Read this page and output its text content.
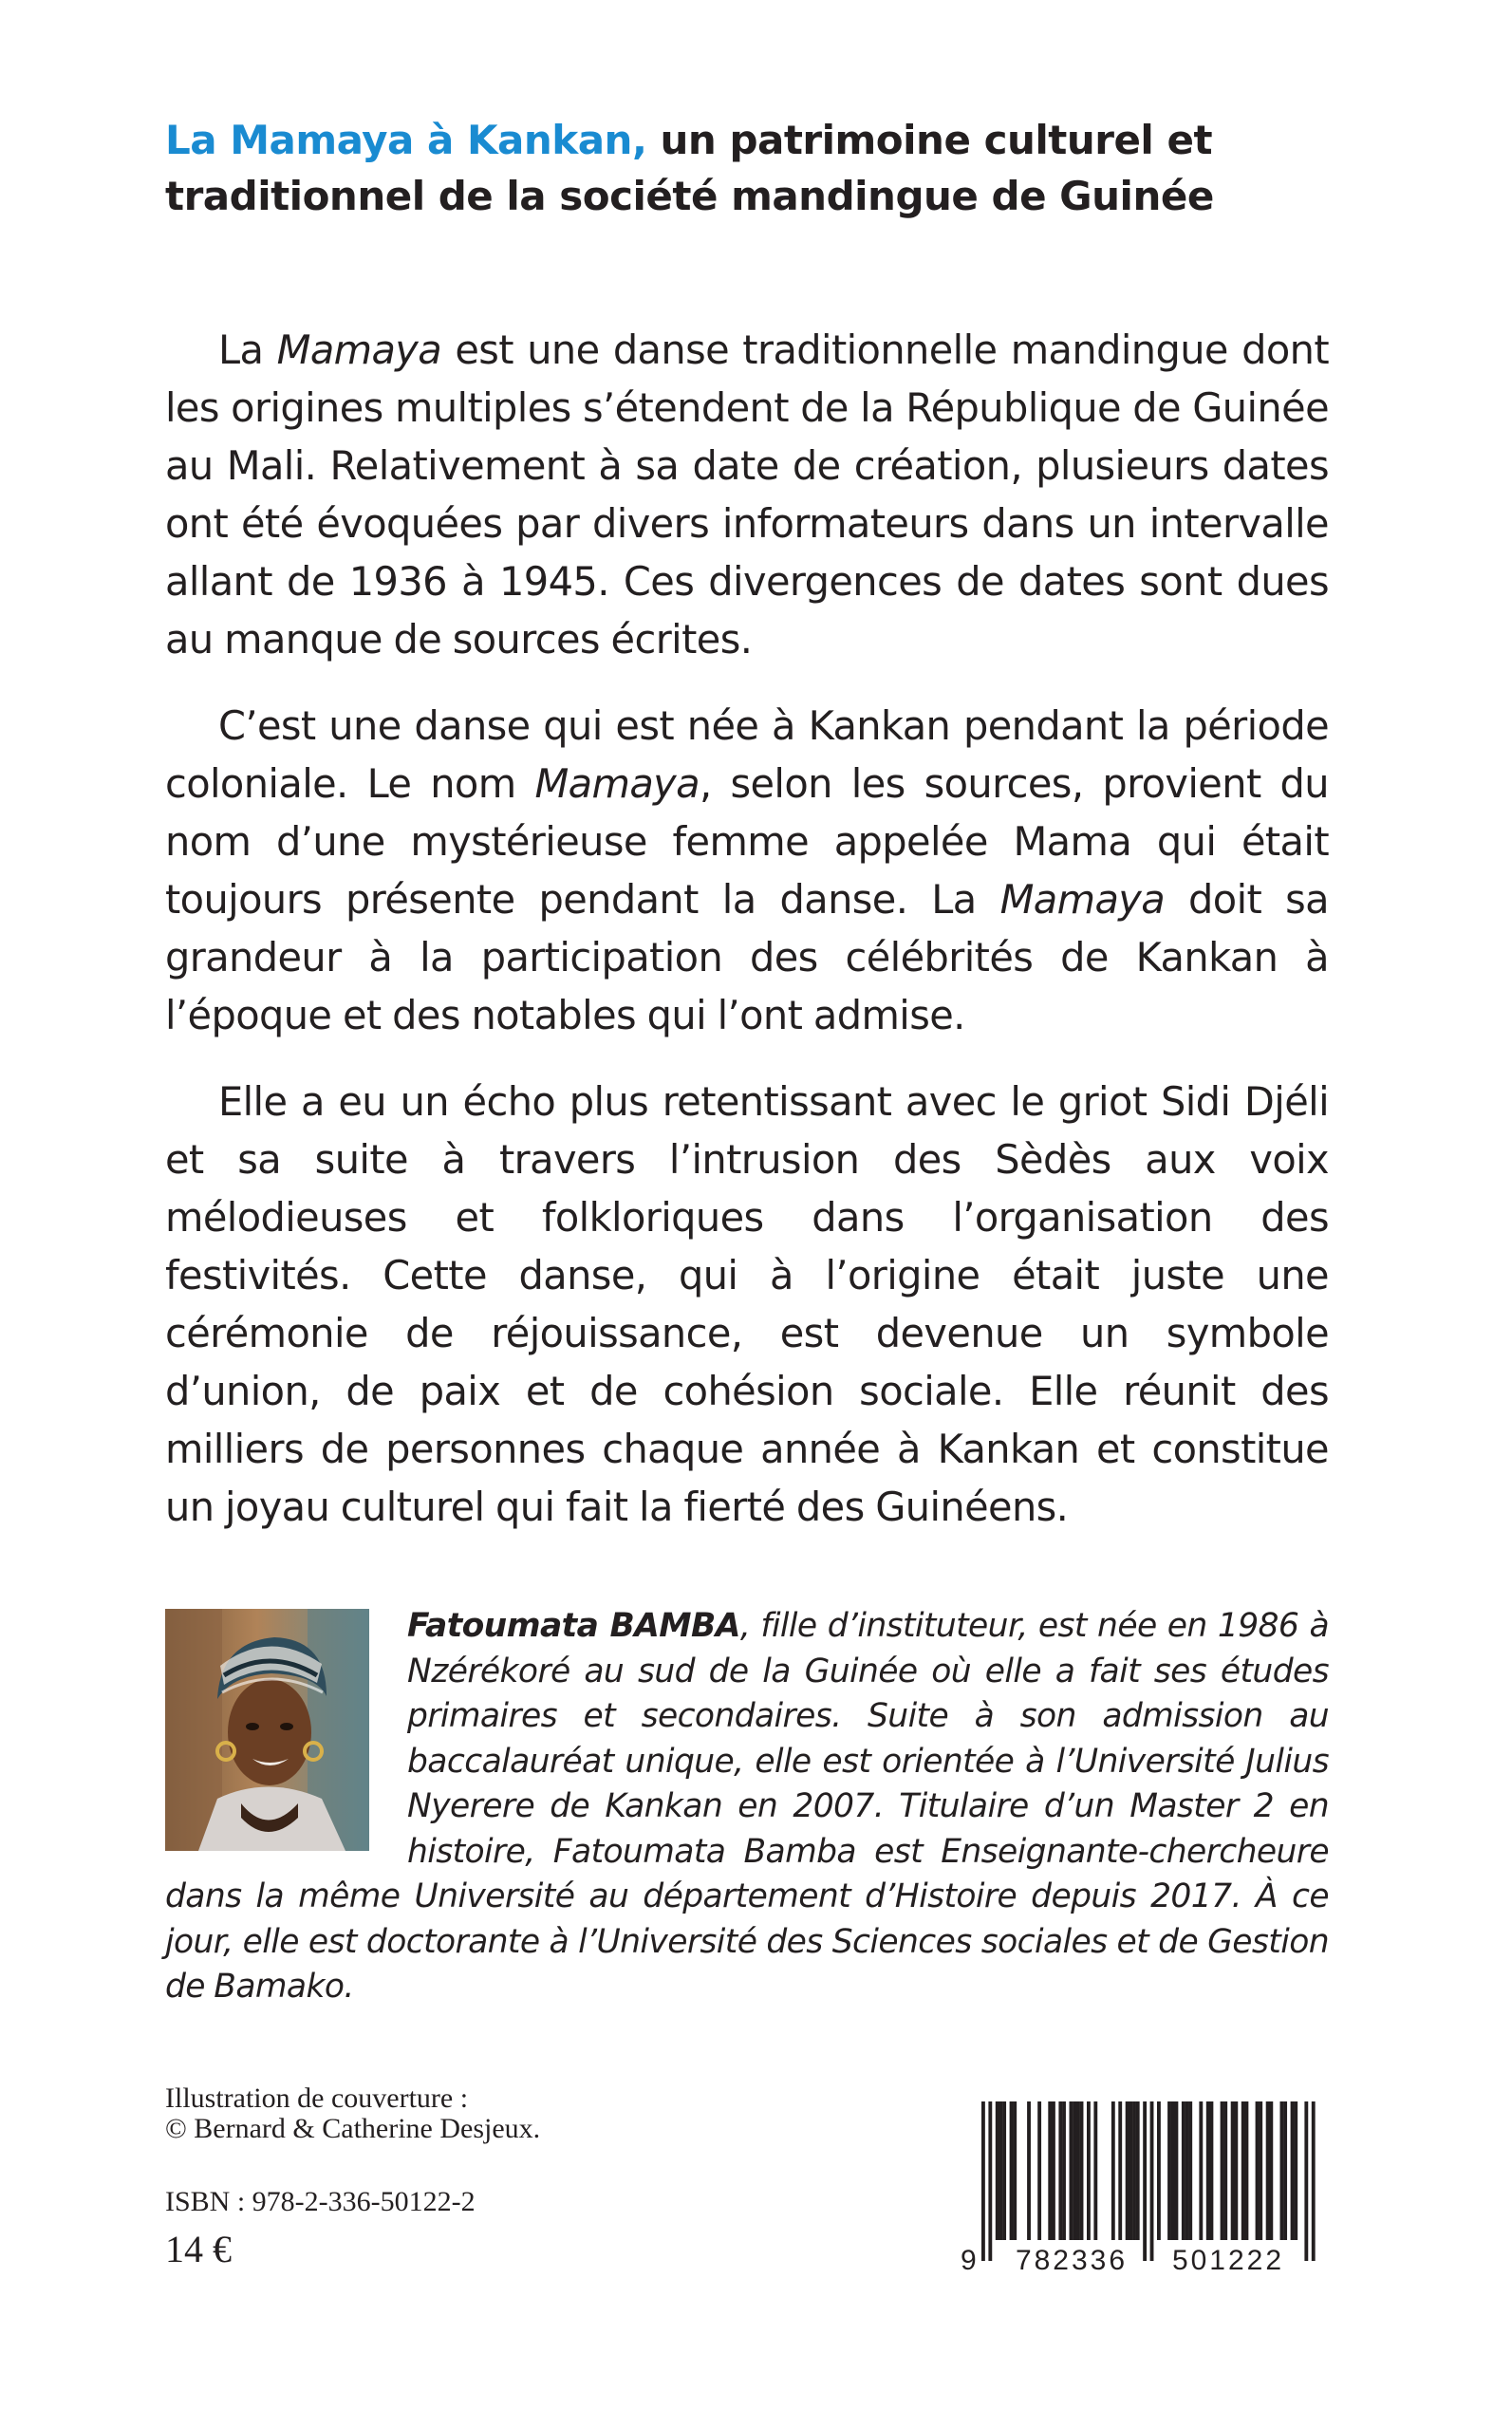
La Mamaya à Kankan, un patrimoine culturel et traditionnel de la société mandingue de Guinée

La Mamaya est une danse traditionnelle mandingue dont les origines multiples s’étendent de la République de Guinée au Mali. Relativement à sa date de création, plusieurs dates ont été évoquées par divers informateurs dans un intervalle allant de 1936 à 1945. Ces divergences de dates sont dues au manque de sources écrites.

C’est une danse qui est née à Kankan pendant la période coloniale. Le nom Mamaya, selon les sources, provient du nom d’une mystérieuse femme appelée Mama qui était toujours présente pendant la danse. La Mamaya doit sa grandeur à la participation des célébrités de Kankan à l’époque et des notables qui l’ont admise.

Elle a eu un écho plus retentissant avec le griot Sidi Djéli et sa suite à travers l’intrusion des Sèdès aux voix mélodieuses et folkloriques dans l’organisation des festivités. Cette danse, qui à l’origine était juste une cérémonie de réjouissance, est devenue un symbole d’union, de paix et de cohésion sociale. Elle réunit des milliers de personnes chaque année à Kankan et constitue un joyau culturel qui fait la fierté des Guinéens.

Fatoumata BAMBA, fille d’instituteur, est née en 1986 à Nzérékoré au sud de la Guinée où elle a fait ses études primaires et secondaires. Suite à son admission au baccalauréat unique, elle est orientée à l’Université Julius Nyerere de Kankan en 2007. Titulaire d’un Master 2 en histoire, Fatoumata Bamba est Enseignante-chercheure dans la même Université au département d’Histoire depuis 2017. À ce jour, elle est doctorante à l’Université des Sciences sociales et de Gestion de Bamako.
Illustration de couverture :
© Bernard & Catherine Desjeux.
ISBN : 978-2-336-50122-2
14 €	9 782336 501222
